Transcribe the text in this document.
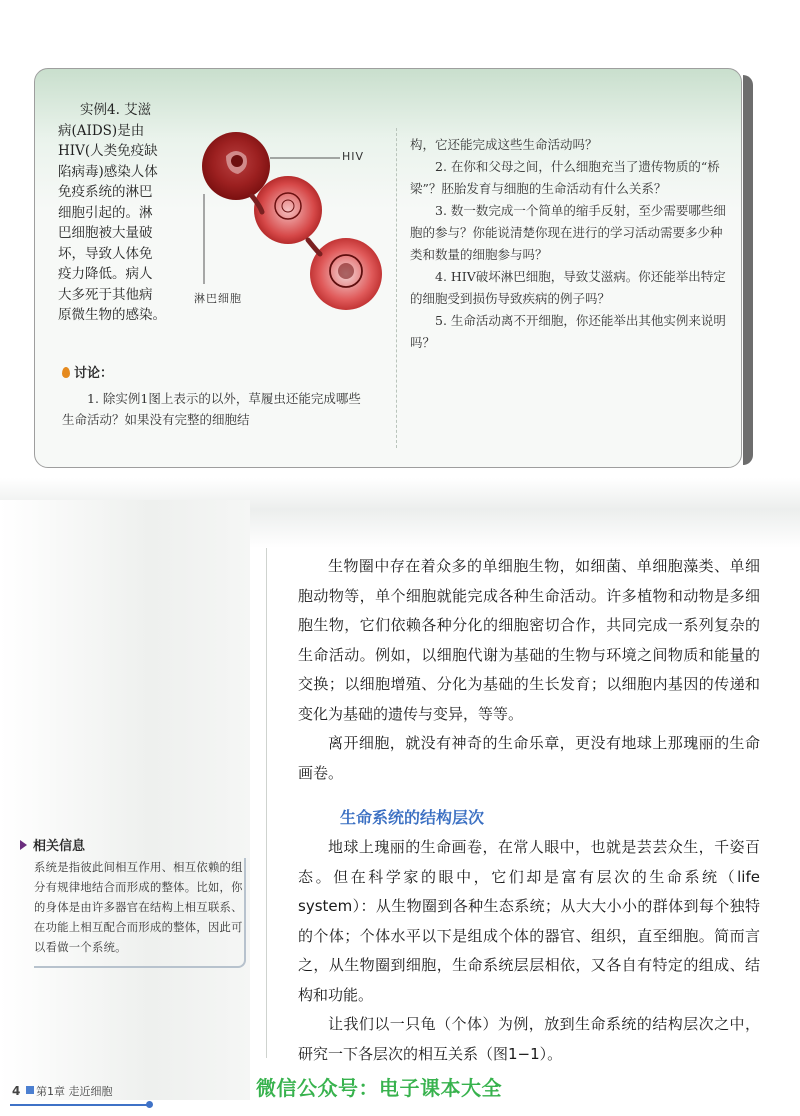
实例4. 艾滋
病(AIDS)是由
HIV(人类免疫缺
陷病毒)感染人体
免疫系统的淋巴
细胞引起的。淋
巴细胞被大量破
坏，导致人体免
疫力降低。病人
大多死于其他病
原微生物的感染。
HIV
淋巴细胞
讨论：
1. 除实例1图上表示的以外，草履虫还能完成哪些生命活动？如果没有完整的细胞结

构，它还能完成这些生命活动吗？

2. 在你和父母之间，什么细胞充当了遗传物质的“桥梁”？胚胎发育与细胞的生命活动有什么关系？

3. 数一数完成一个简单的缩手反射，至少需要哪些细胞的参与？你能说清楚你现在进行的学习活动需要多少种类和数量的细胞参与吗？

4. HIV破坏淋巴细胞，导致艾滋病。你还能举出特定的细胞受到损伤导致疾病的例子吗？

5. 生命活动离不开细胞，你还能举出其他实例来说明吗？

生物圈中存在着众多的单细胞生物，如细菌、单细胞藻类、单细胞动物等，单个细胞就能完成各种生命活动。许多植物和动物是多细胞生物，它们依赖各种分化的细胞密切合作，共同完成一系列复杂的生命活动。例如，以细胞代谢为基础的生物与环境之间物质和能量的交换；以细胞增殖、分化为基础的生长发育；以细胞内基因的传递和变化为基础的遗传与变异，等等。

离开细胞，就没有神奇的生命乐章，更没有地球上那瑰丽的生命画卷。

生命系统的结构层次

地球上瑰丽的生命画卷，在常人眼中，也就是芸芸众生，千姿百态。但在科学家的眼中，它们却是富有层次的生命系统（life system）：从生物圈到各种生态系统；从大大小小的群体到每个独特的个体；个体水平以下是组成个体的器官、组织，直至细胞。简而言之，从生物圈到细胞，生命系统层层相依，又各自有特定的组成、结构和功能。

让我们以一只龟（个体）为例，放到生命系统的结构层次之中，研究一下各层次的相互关系（图1−1）。

相关信息
系统是指彼此间相互作用、相互依赖的组分有规律地结合而形成的整体。比如，你的身体是由许多器官在结构上相互联系、在功能上相互配合而形成的整体，因此可以看做一个系统。
4 第1章 走近细胞	微信公众号：电子课本大全
